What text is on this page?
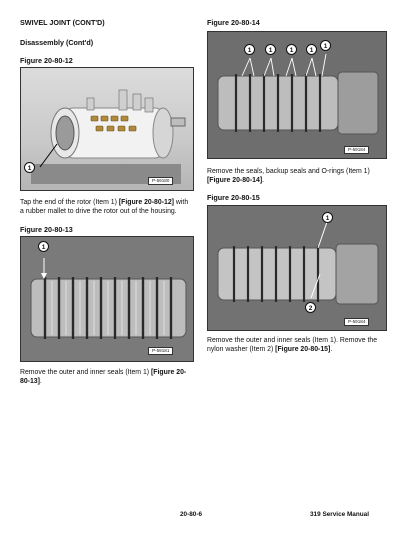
SWIVEL JOINT (CONT'D)
Disassembly (Cont'd)
Figure 20-80-12
1
P-59180
Tap the end of the rotor (Item 1) [Figure 20-80-12] with a rubber mallet to drive the rotor out of the housing.
Figure 20-80-13
1
P-59181
Remove the outer and inner seals (Item 1) [Figure 20-80-13].
Figure 20-80-14
1	1	1	1
1
P-59184
Remove the seals, backup seals and O-rings (Item 1) [Figure 20-80-14].
Figure 20-80-15
1
2
P-59184
Remove the outer and inner seals (Item 1). Remove the nylon washer (Item 2) [Figure 20-80-15].
20-80-6	319 Service Manual
